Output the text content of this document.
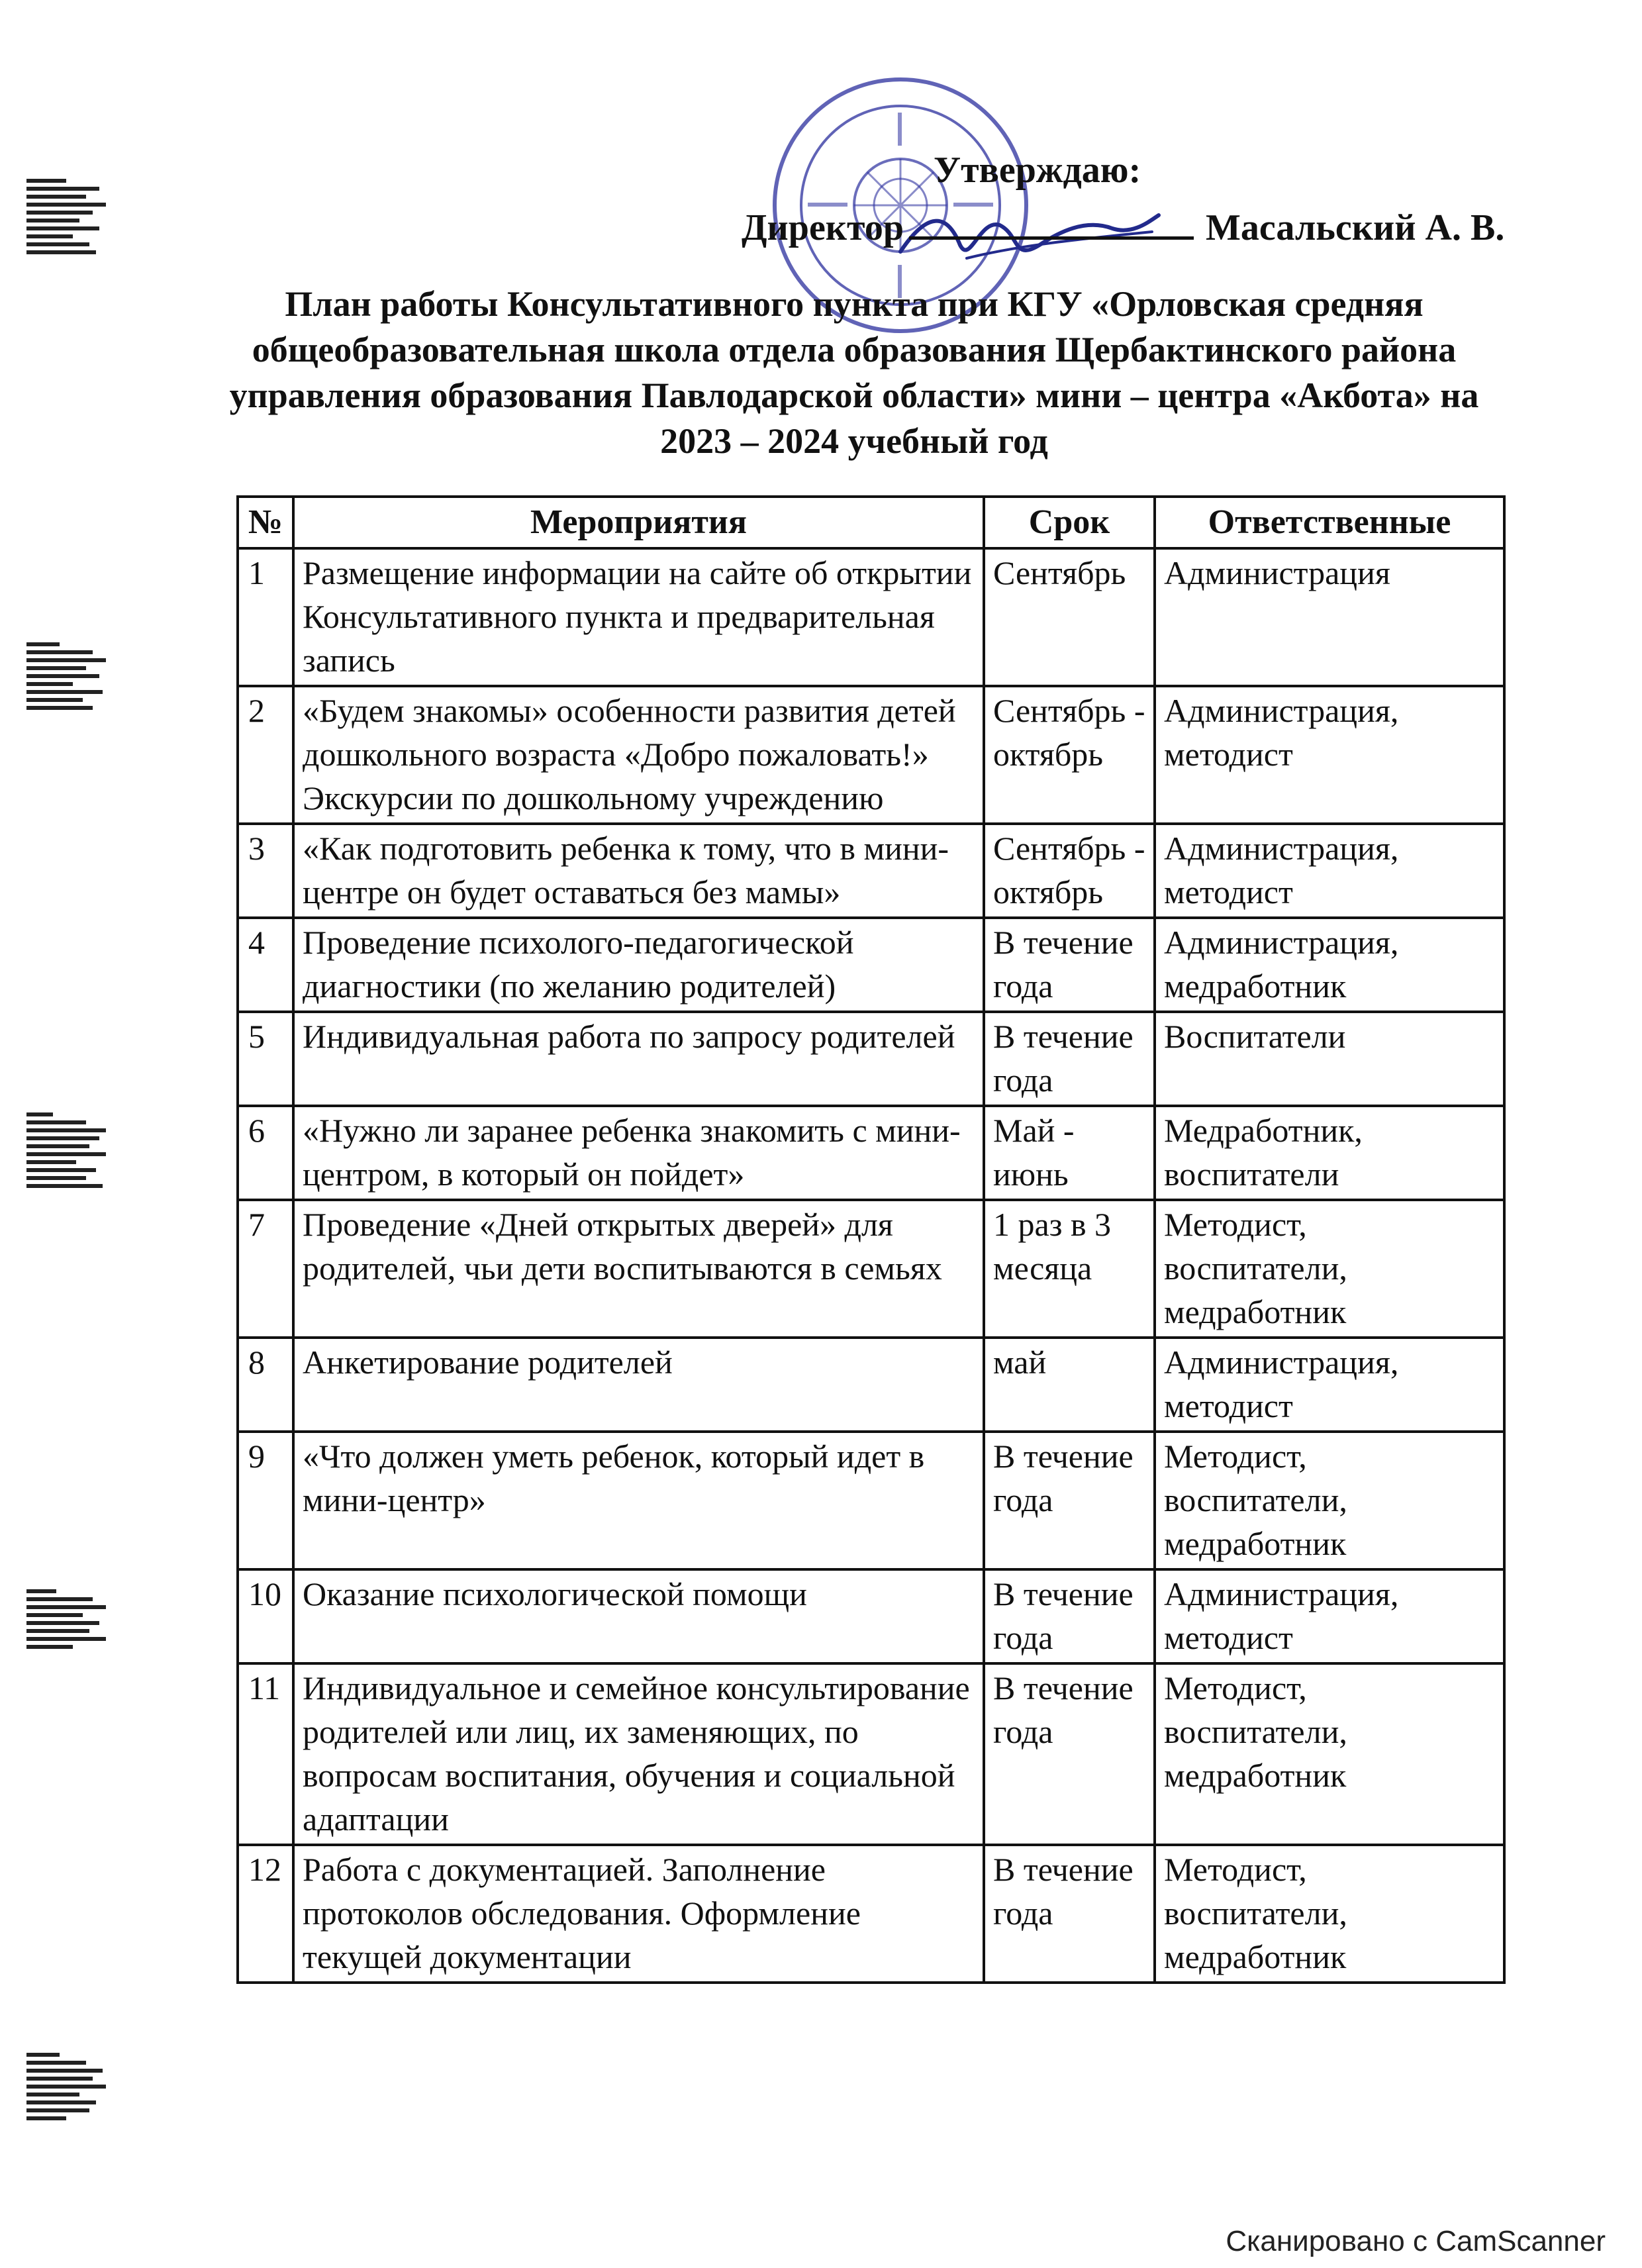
Утверждаю:
Директор	Масальский А. В.
План работы Консультативного пункта при КГУ «Орловская средняя общеобразовательная школа отдела образования Щербактинского района управления образования Павлодарской области» мини – центра «Акбота» на 2023 – 2024 учебный год
№	Мероприятия	Срок	Ответственные
1	Размещение информации на сайте об открытии Консультативного пункта и предварительная запись	Сентябрь	Администрация
2	«Будем знакомы» особенности развития детей дошкольного возраста «Добро пожаловать!» Экскурсии по дошкольному учреждению	Сентябрь - октябрь	Администрация, методист
3	«Как подготовить ребенка к тому, что в мини-центре он будет оставаться без мамы»	Сентябрь - октябрь	Администрация, методист
4	Проведение психолого-педагогической диагностики (по желанию родителей)	В течение года	Администрация, медработник
5	Индивидуальная работа по запросу родителей	В течение года	Воспитатели
6	«Нужно ли заранее ребенка знакомить с мини-центром, в который он пойдет»	Май - июнь	Медработник, воспитатели
7	Проведение «Дней открытых дверей» для родителей, чьи дети воспитываются в семьях	1 раз в 3 месяца	Методист, воспитатели, медработник
8	Анкетирование родителей	май	Администрация, методист
9	«Что должен уметь ребенок, который идет в мини-центр»	В течение года	Методист, воспитатели, медработник
10	Оказание психологической помощи	В течение года	Администрация, методист
11	Индивидуальное и семейное консультирование родителей или лиц, их заменяющих, по вопросам воспитания, обучения и социальной адаптации	В течение года	Методист, воспитатели, медработник
12	Работа с документацией. Заполнение протоколов обследования. Оформление текущей документации	В течение года	Методист, воспитатели, медработник
Сканировано с CamScanner
